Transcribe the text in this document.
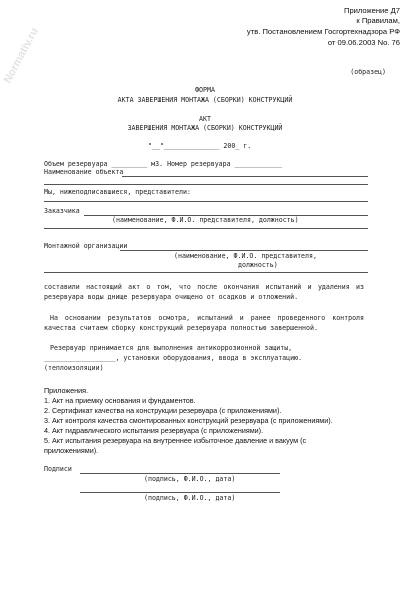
Normativ.ru
Приложение Д7
к Правилам,
утв. Постановлением Госгортехнадзора РФ
от 09.06.2003 No. 76
(образец)
ФОРМА
АКТА ЗАВЕРШЕНИЯ МОНТАЖА (СБОРКИ) КОНСТРУКЦИЙ
АКТ
ЗАВЕРШЕНИЯ МОНТАЖА (СБОРКИ) КОНСТРУКЦИЙ
"__"______________ 200_ г.
Объем резервуара _________ м3. Номер резервуара ____________
Наименование объекта
Мы, нижеподписавшиеся, представители:
Заказчика
(наименование, Ф.И.О. представителя, должность)
Монтажной организации
(наименование, Ф.И.О. представителя,
должность)
составили настоящий акт о том, что после окончания испытаний и удаления из резервуара воды днище резервуара очищено от осадков и отложений.
На основании результатов осмотра, испытаний и ранее проведенного контроля качества считаем сборку конструкций резервуара полностью завершенной.
Резервуар принимается для выполнения антикоррозионной защиты,
__________________, установки оборудования, ввода в эксплуатацию.
(теплоизоляции)
Приложения.
1. Акт на приемку основания и фундаментов.
2. Сертификат качества на конструкции резервуара (с приложениями).
3. Акт контроля качества смонтированных конструкций резервуара (с приложениями).
4. Акт гидравлического испытания резервуара (с приложениями).
5. Акт испытания резервуара на внутреннее избыточное давление и вакуум (с
приложениями).
Подписи
(подпись, Ф.И.О., дата)
(подпись, Ф.И.О., дата)
